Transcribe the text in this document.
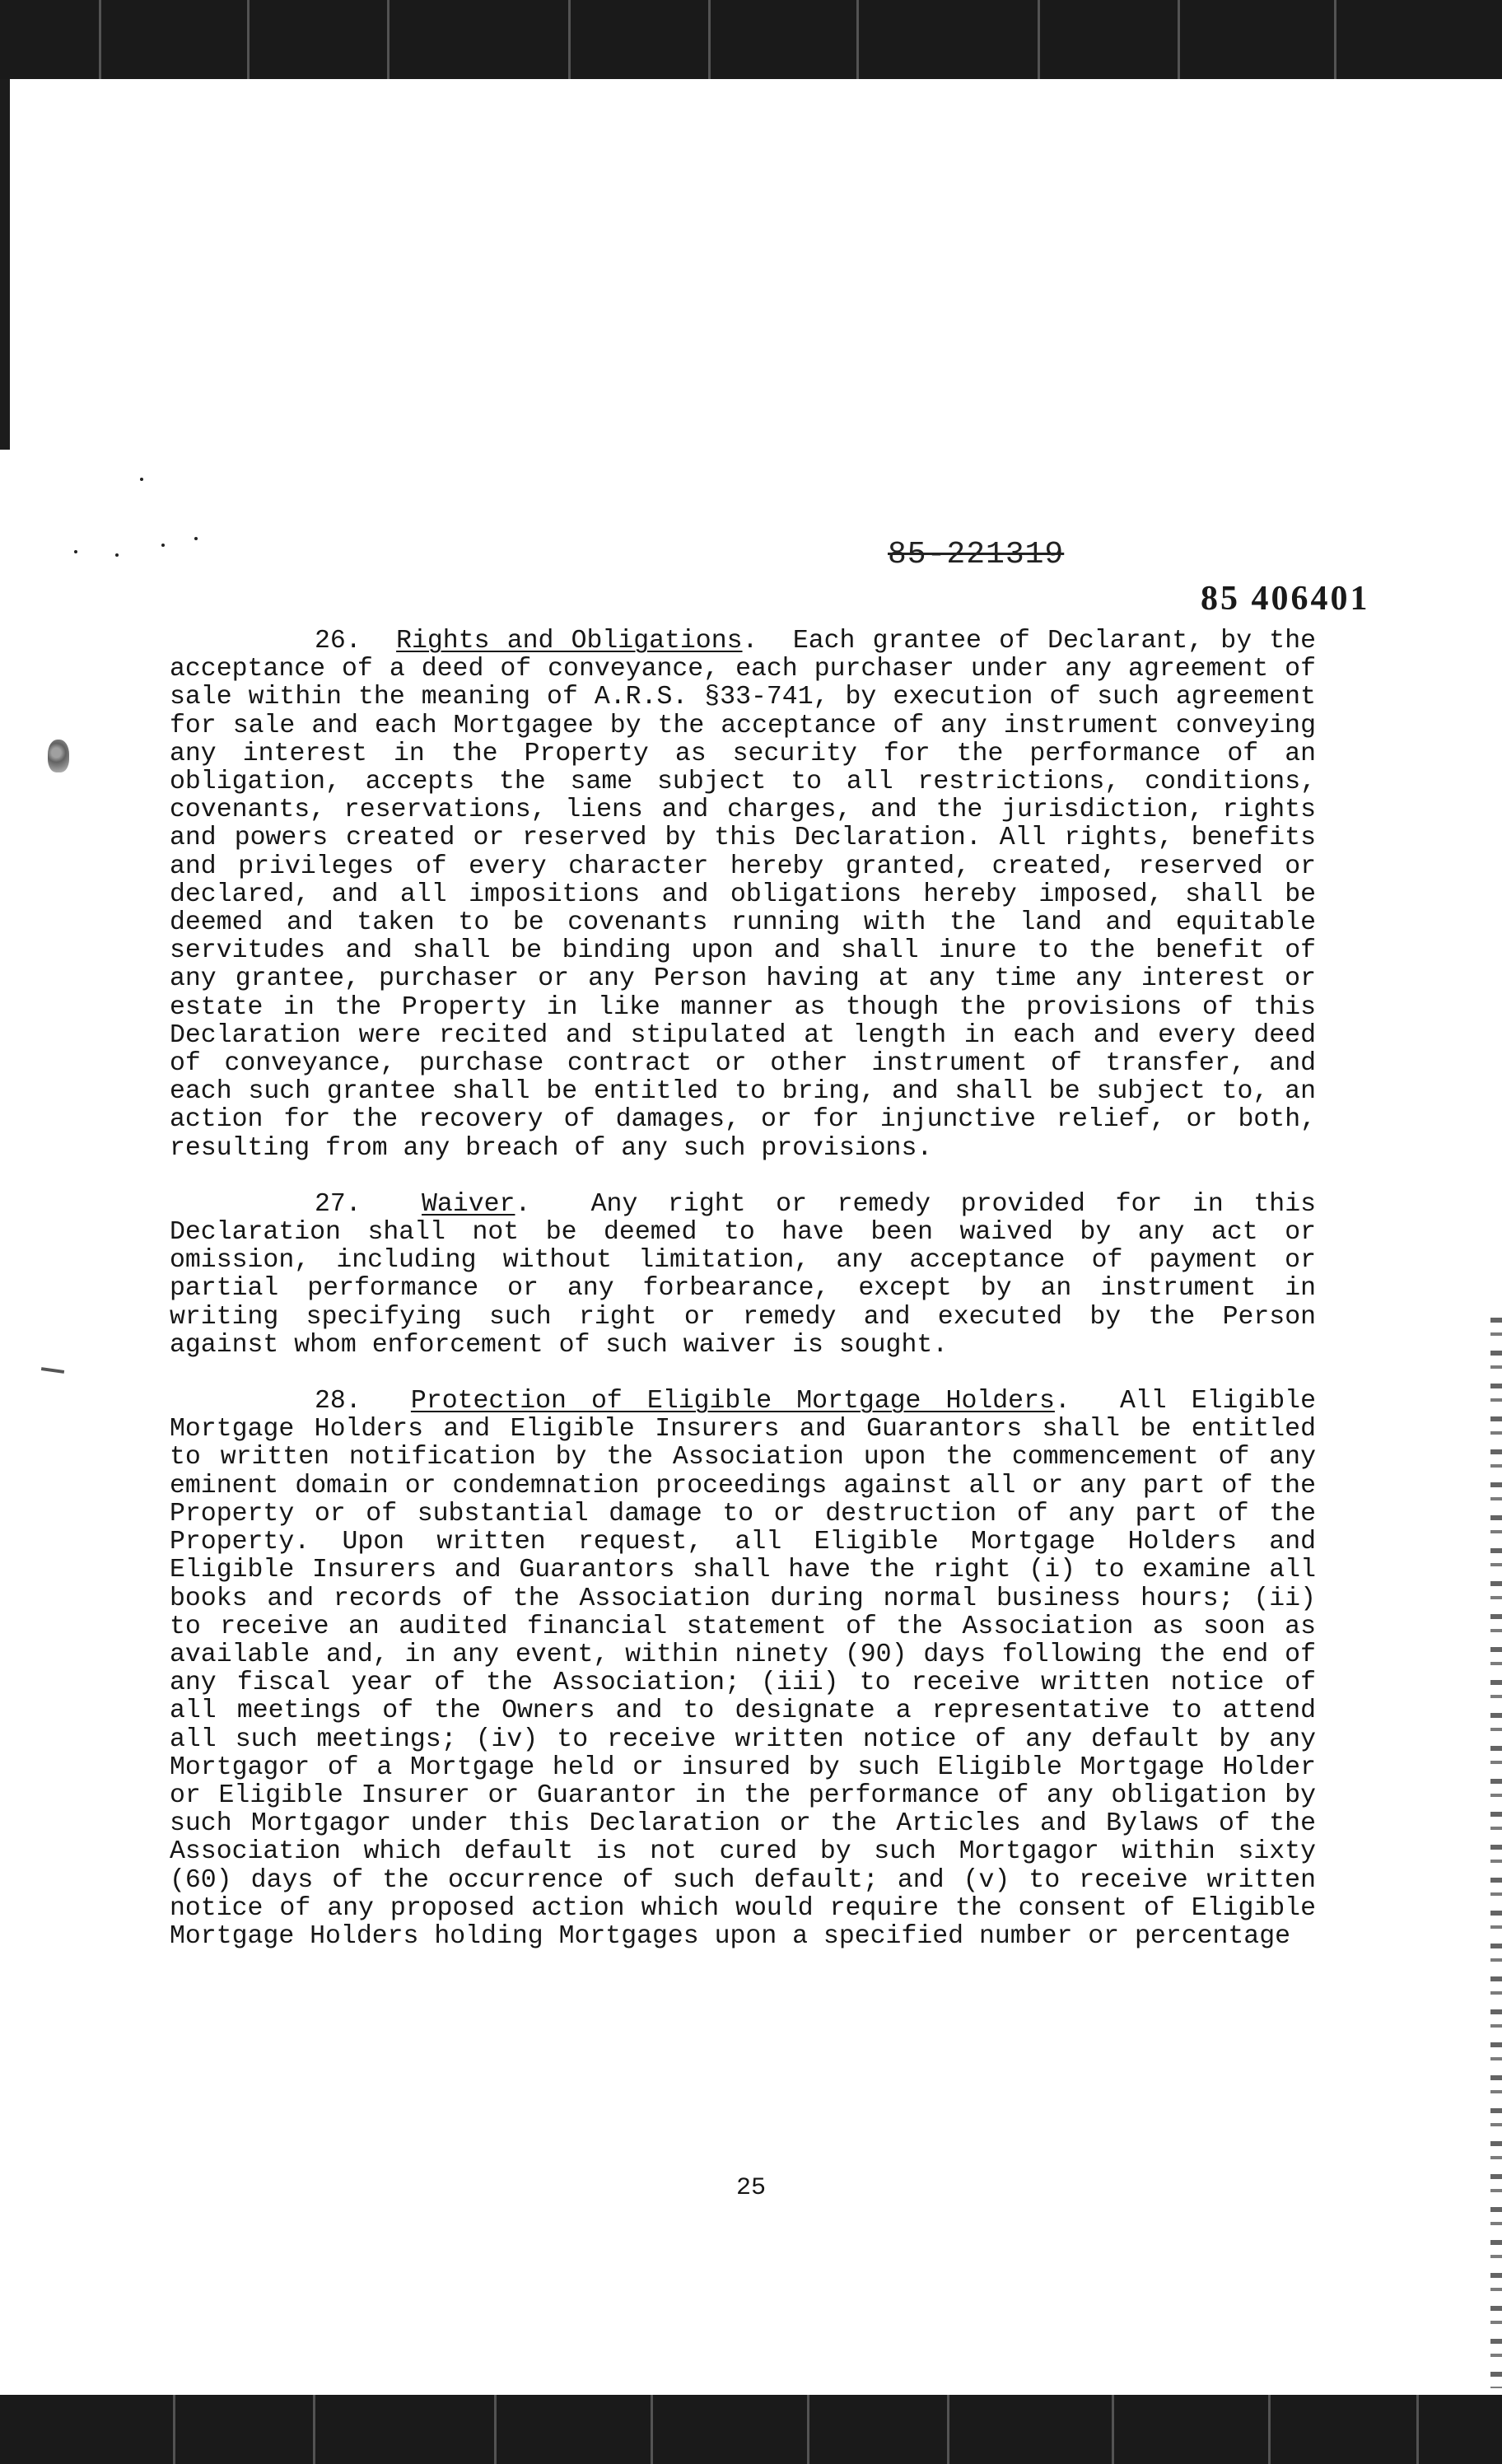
85-221319
85 406401

26. Rights and Obligations.  Each grantee of Declarant, by the acceptance of a deed of conveyance, each purchaser under any agreement of sale within the meaning of A.R.S. §33-741, by execution of such agreement for sale and each Mortgagee by the acceptance of any instrument conveying any interest in the Property as security for the performance of an obligation, accepts the same subject to all restrictions, conditions, covenants, reservations, liens and charges, and the jurisdiction, rights and powers created or reserved by this Declaration. All rights, benefits and privileges of every character hereby granted, created, reserved or declared, and all impositions and obligations hereby imposed, shall be deemed and taken to be covenants running with the land and equitable servitudes and shall be binding upon and shall inure to the benefit of any grantee, purchaser or any Person having at any time any interest or estate in the Property in like manner as though the provisions of this Declaration were recited and stipulated at length in each and every deed of conveyance, purchase contract or other instrument of transfer, and each such grantee shall be entitled to bring, and shall be subject to, an action for the recovery of damages, or for injunctive relief, or both, resulting from any breach of any such provisions.

27. Waiver.  Any right or remedy provided for in this Declaration shall not be deemed to have been waived by any act or omission, including without limitation, any acceptance of payment or partial performance or any forbearance, except by an instrument in writing specifying such right or remedy and executed by the Person against whom enforcement of such waiver is sought.

28. Protection of Eligible Mortgage Holders.  All Eligible Mortgage Holders and Eligible Insurers and Guarantors shall be entitled to written notification by the Association upon the commencement of any eminent domain or condemnation proceedings against all or any part of the Property or of substantial damage to or destruction of any part of the Property. Upon written request, all Eligible Mortgage Holders and Eligible Insurers and Guarantors shall have the right (i) to examine all books and records of the Association during normal business hours; (ii) to receive an audited financial statement of the Association as soon as available and, in any event, within ninety (90) days following the end of any fiscal year of the Association; (iii) to receive written notice of all meetings of the Owners and to designate a representative to attend all such meetings; (iv) to receive written notice of any default by any Mortgagor of a Mortgage held or insured by such Eligible Mortgage Holder or Eligible Insurer or Guarantor in the performance of any obligation by such Mortgagor under this Declaration or the Articles and Bylaws of the Association which default is not cured by such Mortgagor within sixty (60) days of the occurrence of such default; and (v) to receive written notice of any proposed action which would require the consent of Eligible Mortgage Holders holding Mortgages upon a specified number or percentage

25
